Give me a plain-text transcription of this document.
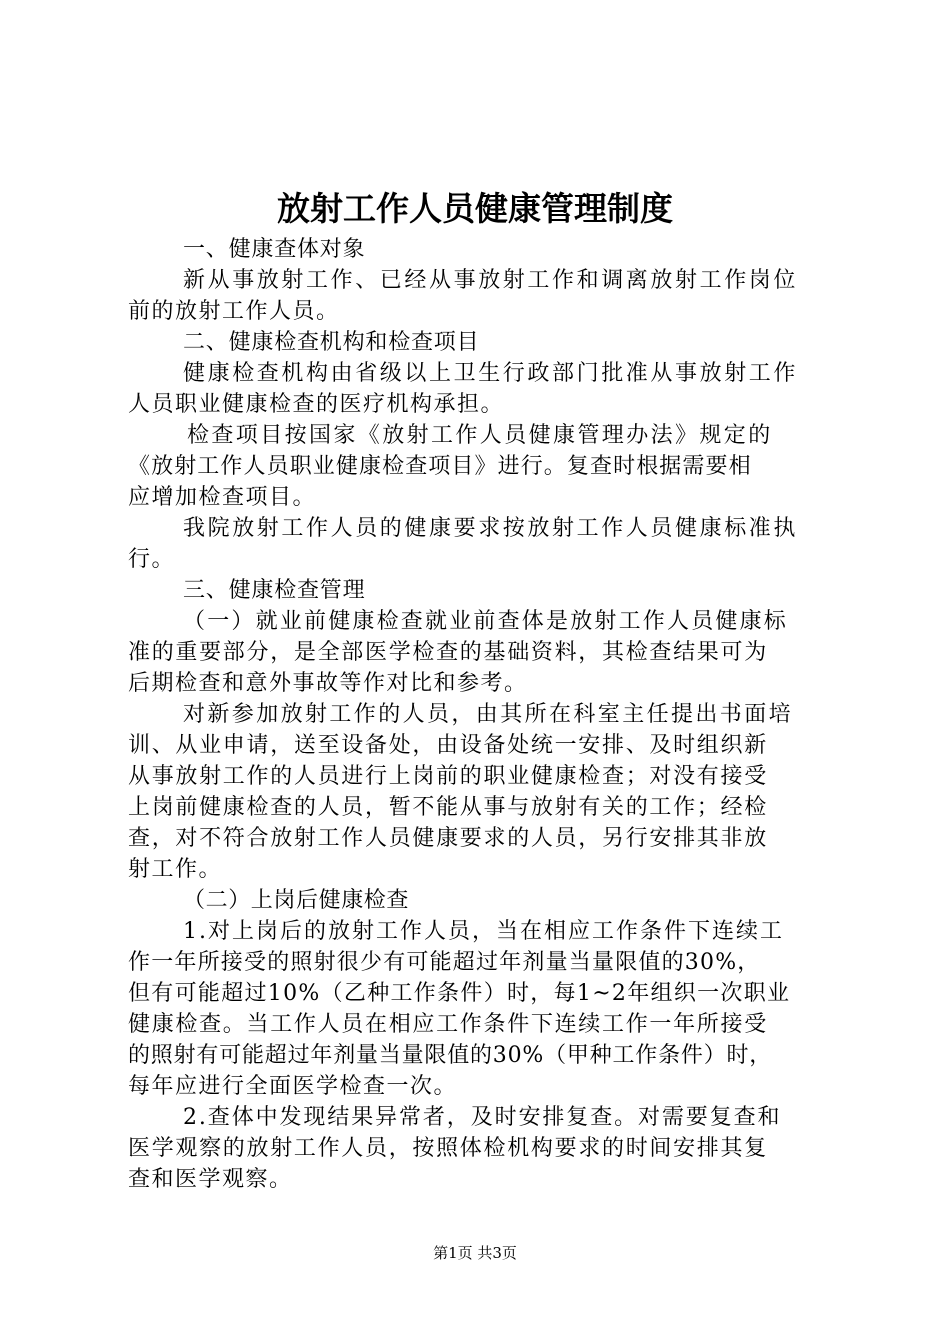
放射工作人员健康管理制度
一、健康查体对象
新从事放射工作、已经从事放射工作和调离放射工作岗位
前的放射工作人员。
二、健康检查机构和检查项目
健康检查机构由省级以上卫生行政部门批准从事放射工作
人员职业健康检查的医疗机构承担。
检查项目按国家《放射工作人员健康管理办法》规定的
《放射工作人员职业健康检查项目》进行。复查时根据需要相
应增加检查项目。
我院放射工作人员的健康要求按放射工作人员健康标准执
行。
三、健康检查管理
（一）就业前健康检查就业前查体是放射工作人员健康标
准的重要部分，是全部医学检查的基础资料，其检查结果可为
后期检查和意外事故等作对比和参考。
对新参加放射工作的人员，由其所在科室主任提出书面培
训、从业申请，送至设备处，由设备处统一安排、及时组织新
从事放射工作的人员进行上岗前的职业健康检查；对没有接受
上岗前健康检查的人员，暂不能从事与放射有关的工作；经检
查，对不符合放射工作人员健康要求的人员，另行安排其非放
射工作。
（二）上岗后健康检查
1.对上岗后的放射工作人员，当在相应工作条件下连续工
作一年所接受的照射很少有可能超过年剂量当量限值的30%，
但有可能超过10%（乙种工作条件）时，每1~2年组织一次职业
健康检查。当工作人员在相应工作条件下连续工作一年所接受
的照射有可能超过年剂量当量限值的30%（甲种工作条件）时，
每年应进行全面医学检查一次。
2.查体中发现结果异常者，及时安排复查。对需要复查和
医学观察的放射工作人员，按照体检机构要求的时间安排其复
查和医学观察。
第1页 共3页
